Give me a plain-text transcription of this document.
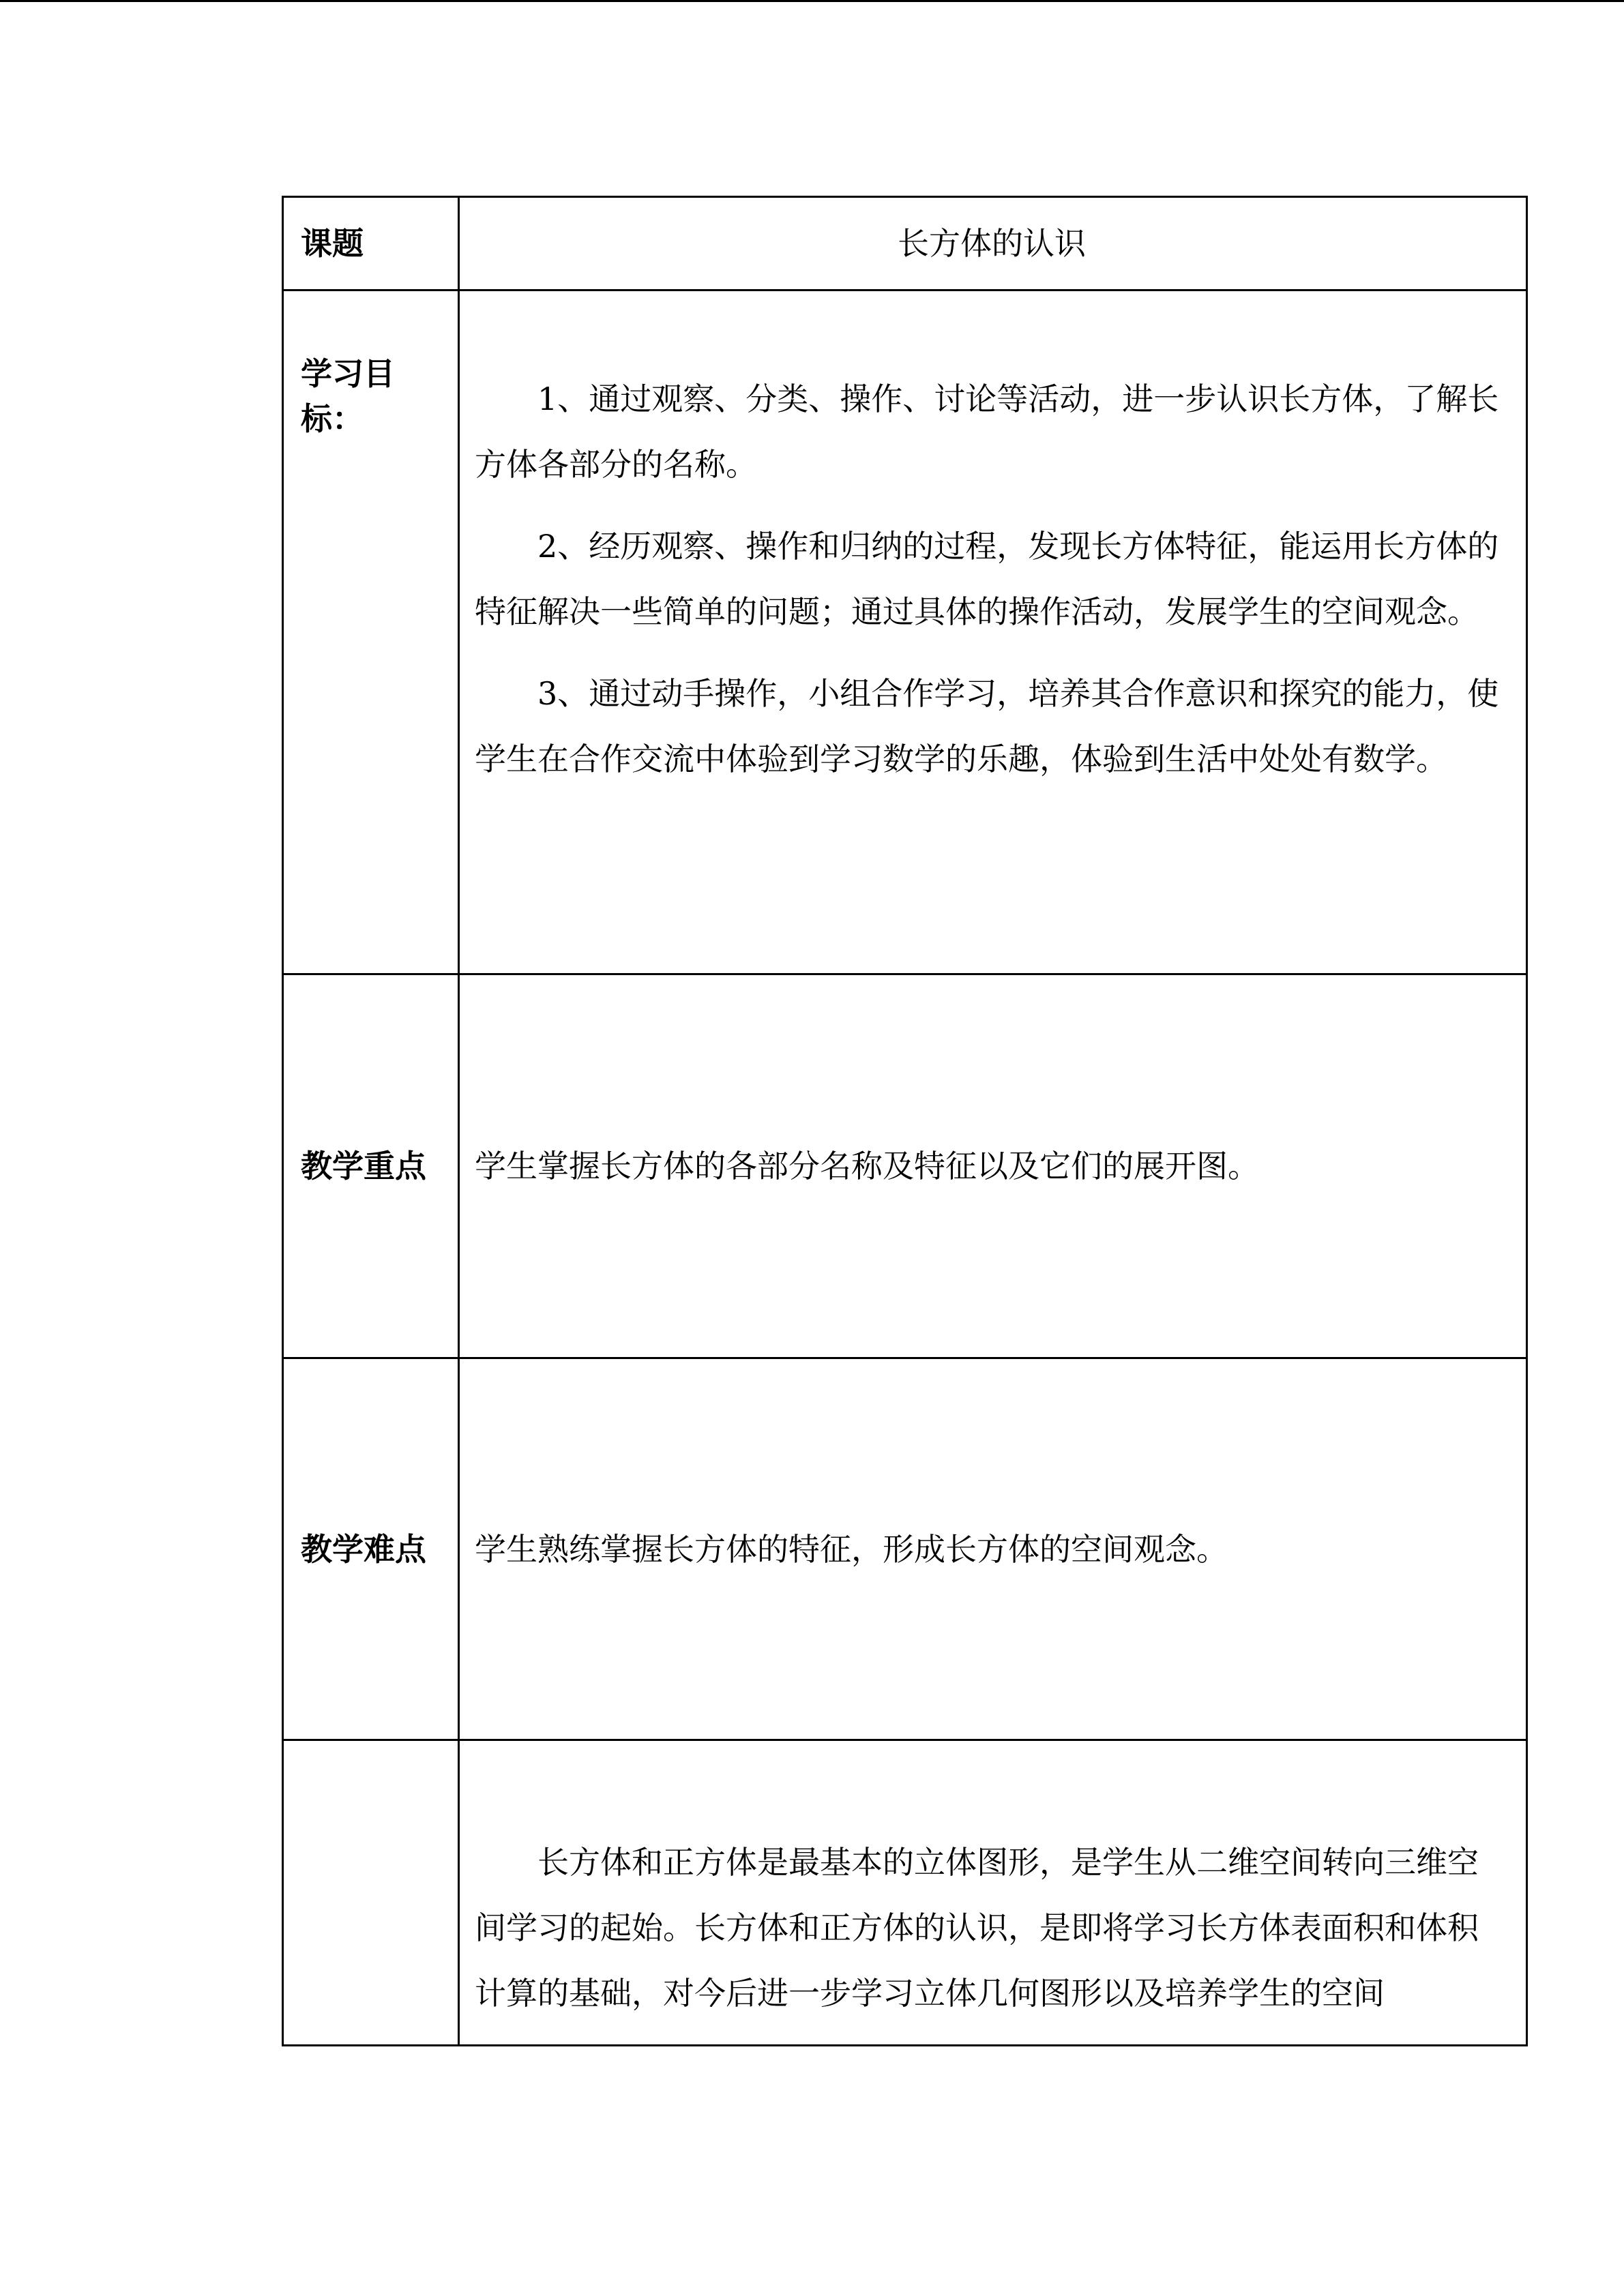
课题	长方体的认识
学习目标：	1、通过观察、分类、操作、讨论等活动，进一步认识长方体，了解长方体各部分的名称。

2、经历观察、操作和归纳的过程，发现长方体特征，能运用长方体的特征解决一些简单的问题；通过具体的操作活动，发展学生的空间观念。

3、通过动手操作，小组合作学习，培养其合作意识和探究的能力，使学生在合作交流中体验到学习数学的乐趣，体验到生活中处处有数学。

教学重点	学生掌握长方体的各部分名称及特征以及它们的展开图。
教学难点	学生熟练掌握长方体的特征，形成长方体的空间观念。

	长方体和正方体是最基本的立体图形，是学生从二维空间转向三维空间学习的起始。长方体和正方体的认识，是即将学习长方体表面积和体积计算的基础，对今后进一步学习立体几何图形以及培养学生的空间
